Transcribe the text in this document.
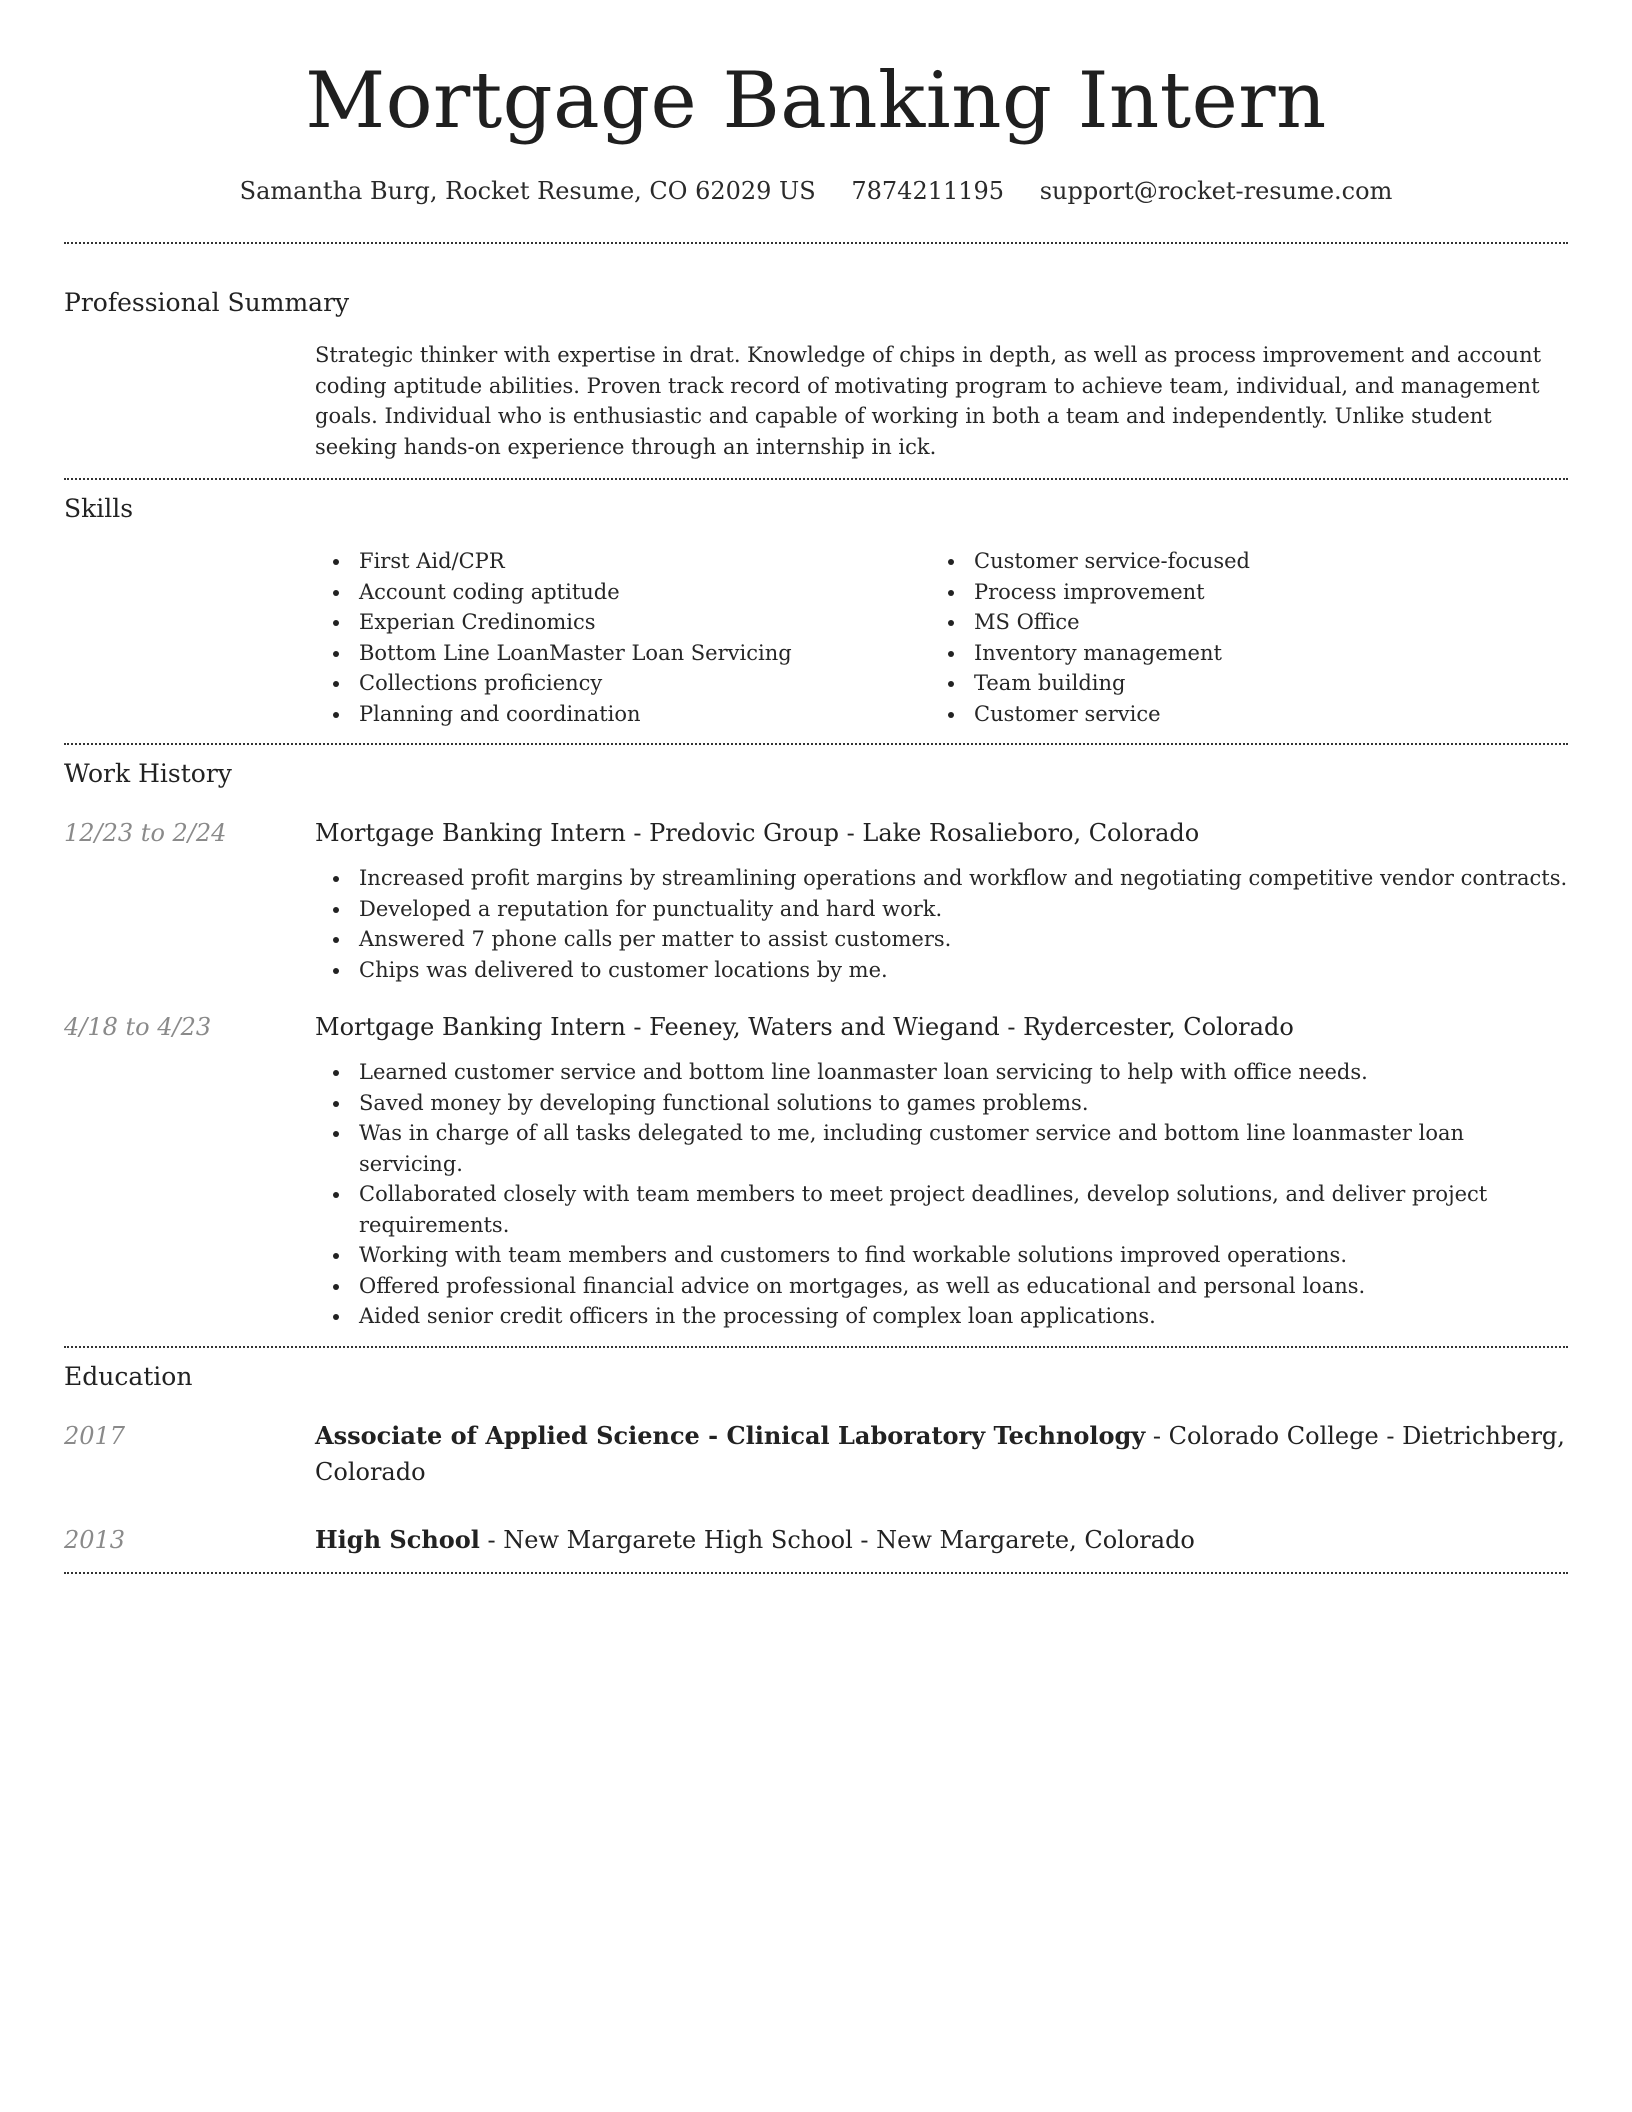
Mortgage Banking Intern
Samantha Burg, Rocket Resume, CO 62029 US 7874211195 support@rocket-resume.com
Professional Summary
Strategic thinker with expertise in drat. Knowledge of chips in depth, as well as process improvement and account coding aptitude abilities. Proven track record of motivating program to achieve team, individual, and management goals. Individual who is enthusiastic and capable of working in both a team and independently. Unlike student seeking hands-on experience through an internship in ick.
Skills
First Aid/CPR
Account coding aptitude
Experian Credinomics
Bottom Line LoanMaster Loan Servicing
Collections proficiency
Planning and coordination
Customer service-focused
Process improvement
MS Office
Inventory management
Team building
Customer service
Work History
12/23 to 2/24	Mortgage Banking Intern - Predovic Group - Lake Rosalieboro, Colorado
Increased profit margins by streamlining operations and workflow and negotiating competitive vendor contracts.
Developed a reputation for punctuality and hard work.
Answered 7 phone calls per matter to assist customers.
Chips was delivered to customer locations by me.
4/18 to 4/23	Mortgage Banking Intern - Feeney, Waters and Wiegand - Rydercester, Colorado
Learned customer service and bottom line loanmaster loan servicing to help with office needs.
Saved money by developing functional solutions to games problems.
Was in charge of all tasks delegated to me, including customer service and bottom line loanmaster loan servicing.
Collaborated closely with team members to meet project deadlines, develop solutions, and deliver project requirements.
Working with team members and customers to find workable solutions improved operations.
Offered professional financial advice on mortgages, as well as educational and personal loans.
Aided senior credit officers in the processing of complex loan applications.
Education
2017	Associate of Applied Science - Clinical Laboratory Technology - Colorado College - Dietrichberg, Colorado
2013	High School - New Margarete High School - New Margarete, Colorado
